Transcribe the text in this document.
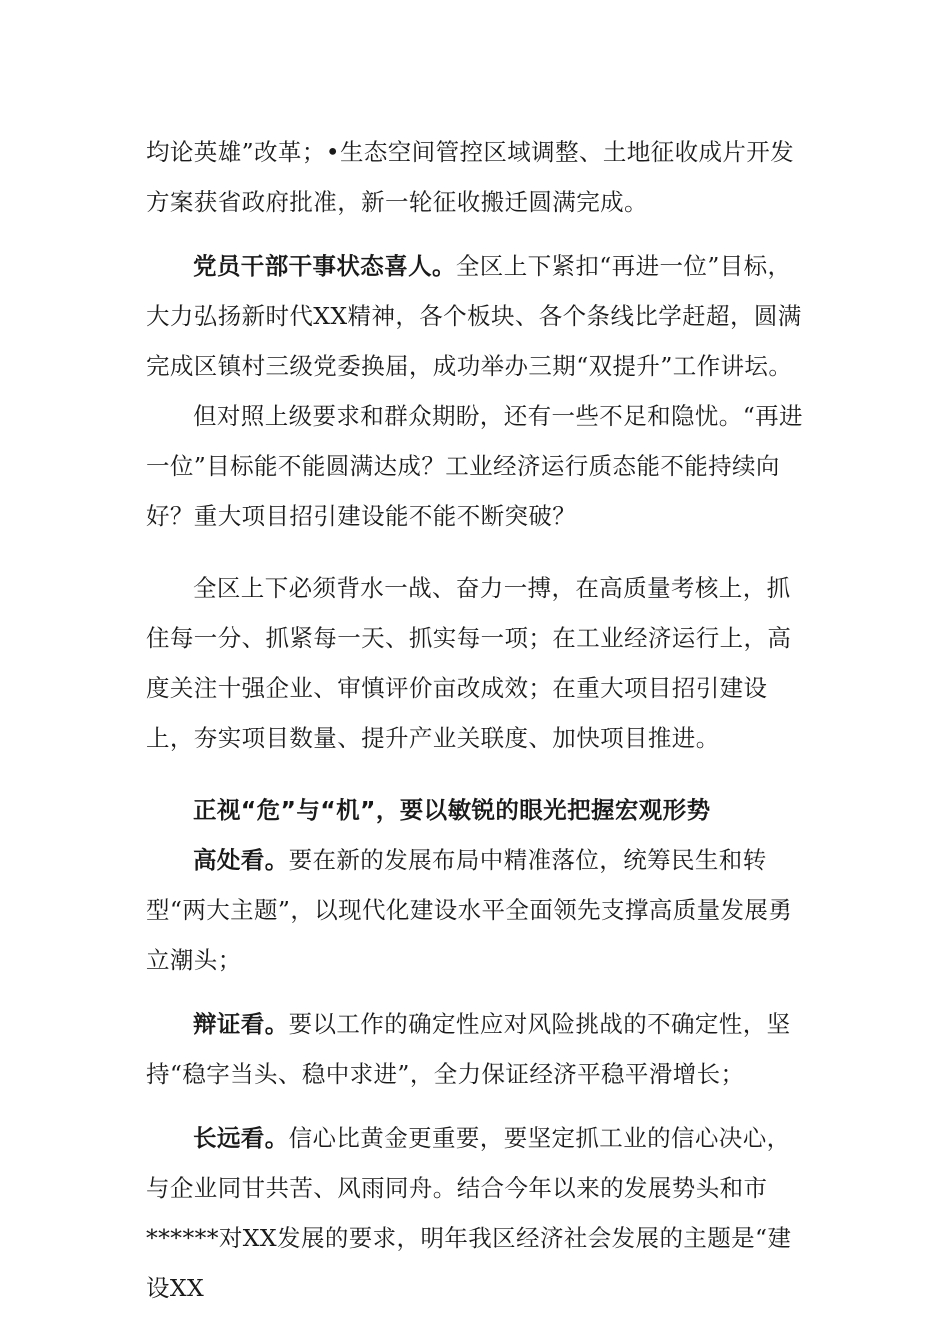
均论英雄”改革；•生态空间管控区域调整、土地征收成片开发方案获省政府批准，新一轮征收搬迁圆满完成。

党员干部干事状态喜人。全区上下紧扣“再进一位”目标，大力弘扬新时代XX精神，各个板块、各个条线比学赶超，圆满完成区镇村三级党委换届，成功举办三期“双提升”工作讲坛。

但对照上级要求和群众期盼，还有一些不足和隐忧。“再进一位”目标能不能圆满达成？工业经济运行质态能不能持续向好？重大项目招引建设能不能不断突破？

全区上下必须背水一战、奋力一搏，在高质量考核上，抓住每一分、抓紧每一天、抓实每一项；在工业经济运行上，高度关注十强企业、审慎评价亩改成效；在重大项目招引建设上，夯实项目数量、提升产业关联度、加快项目推进。

正视“危”与“机”，要以敏锐的眼光把握宏观形势

高处看。要在新的发展布局中精准落位，统筹民生和转型“两大主题”，以现代化建设水平全面领先支撑高质量发展勇立潮头；

辩证看。要以工作的确定性应对风险挑战的不确定性，坚持“稳字当头、稳中求进”，全力保证经济平稳平滑增长；

长远看。信心比黄金更重要，要坚定抓工业的信心决心，与企业同甘共苦、风雨同舟。结合今年以来的发展势头和市******对XX发展的要求，明年我区经济社会发展的主题是“建设XX
